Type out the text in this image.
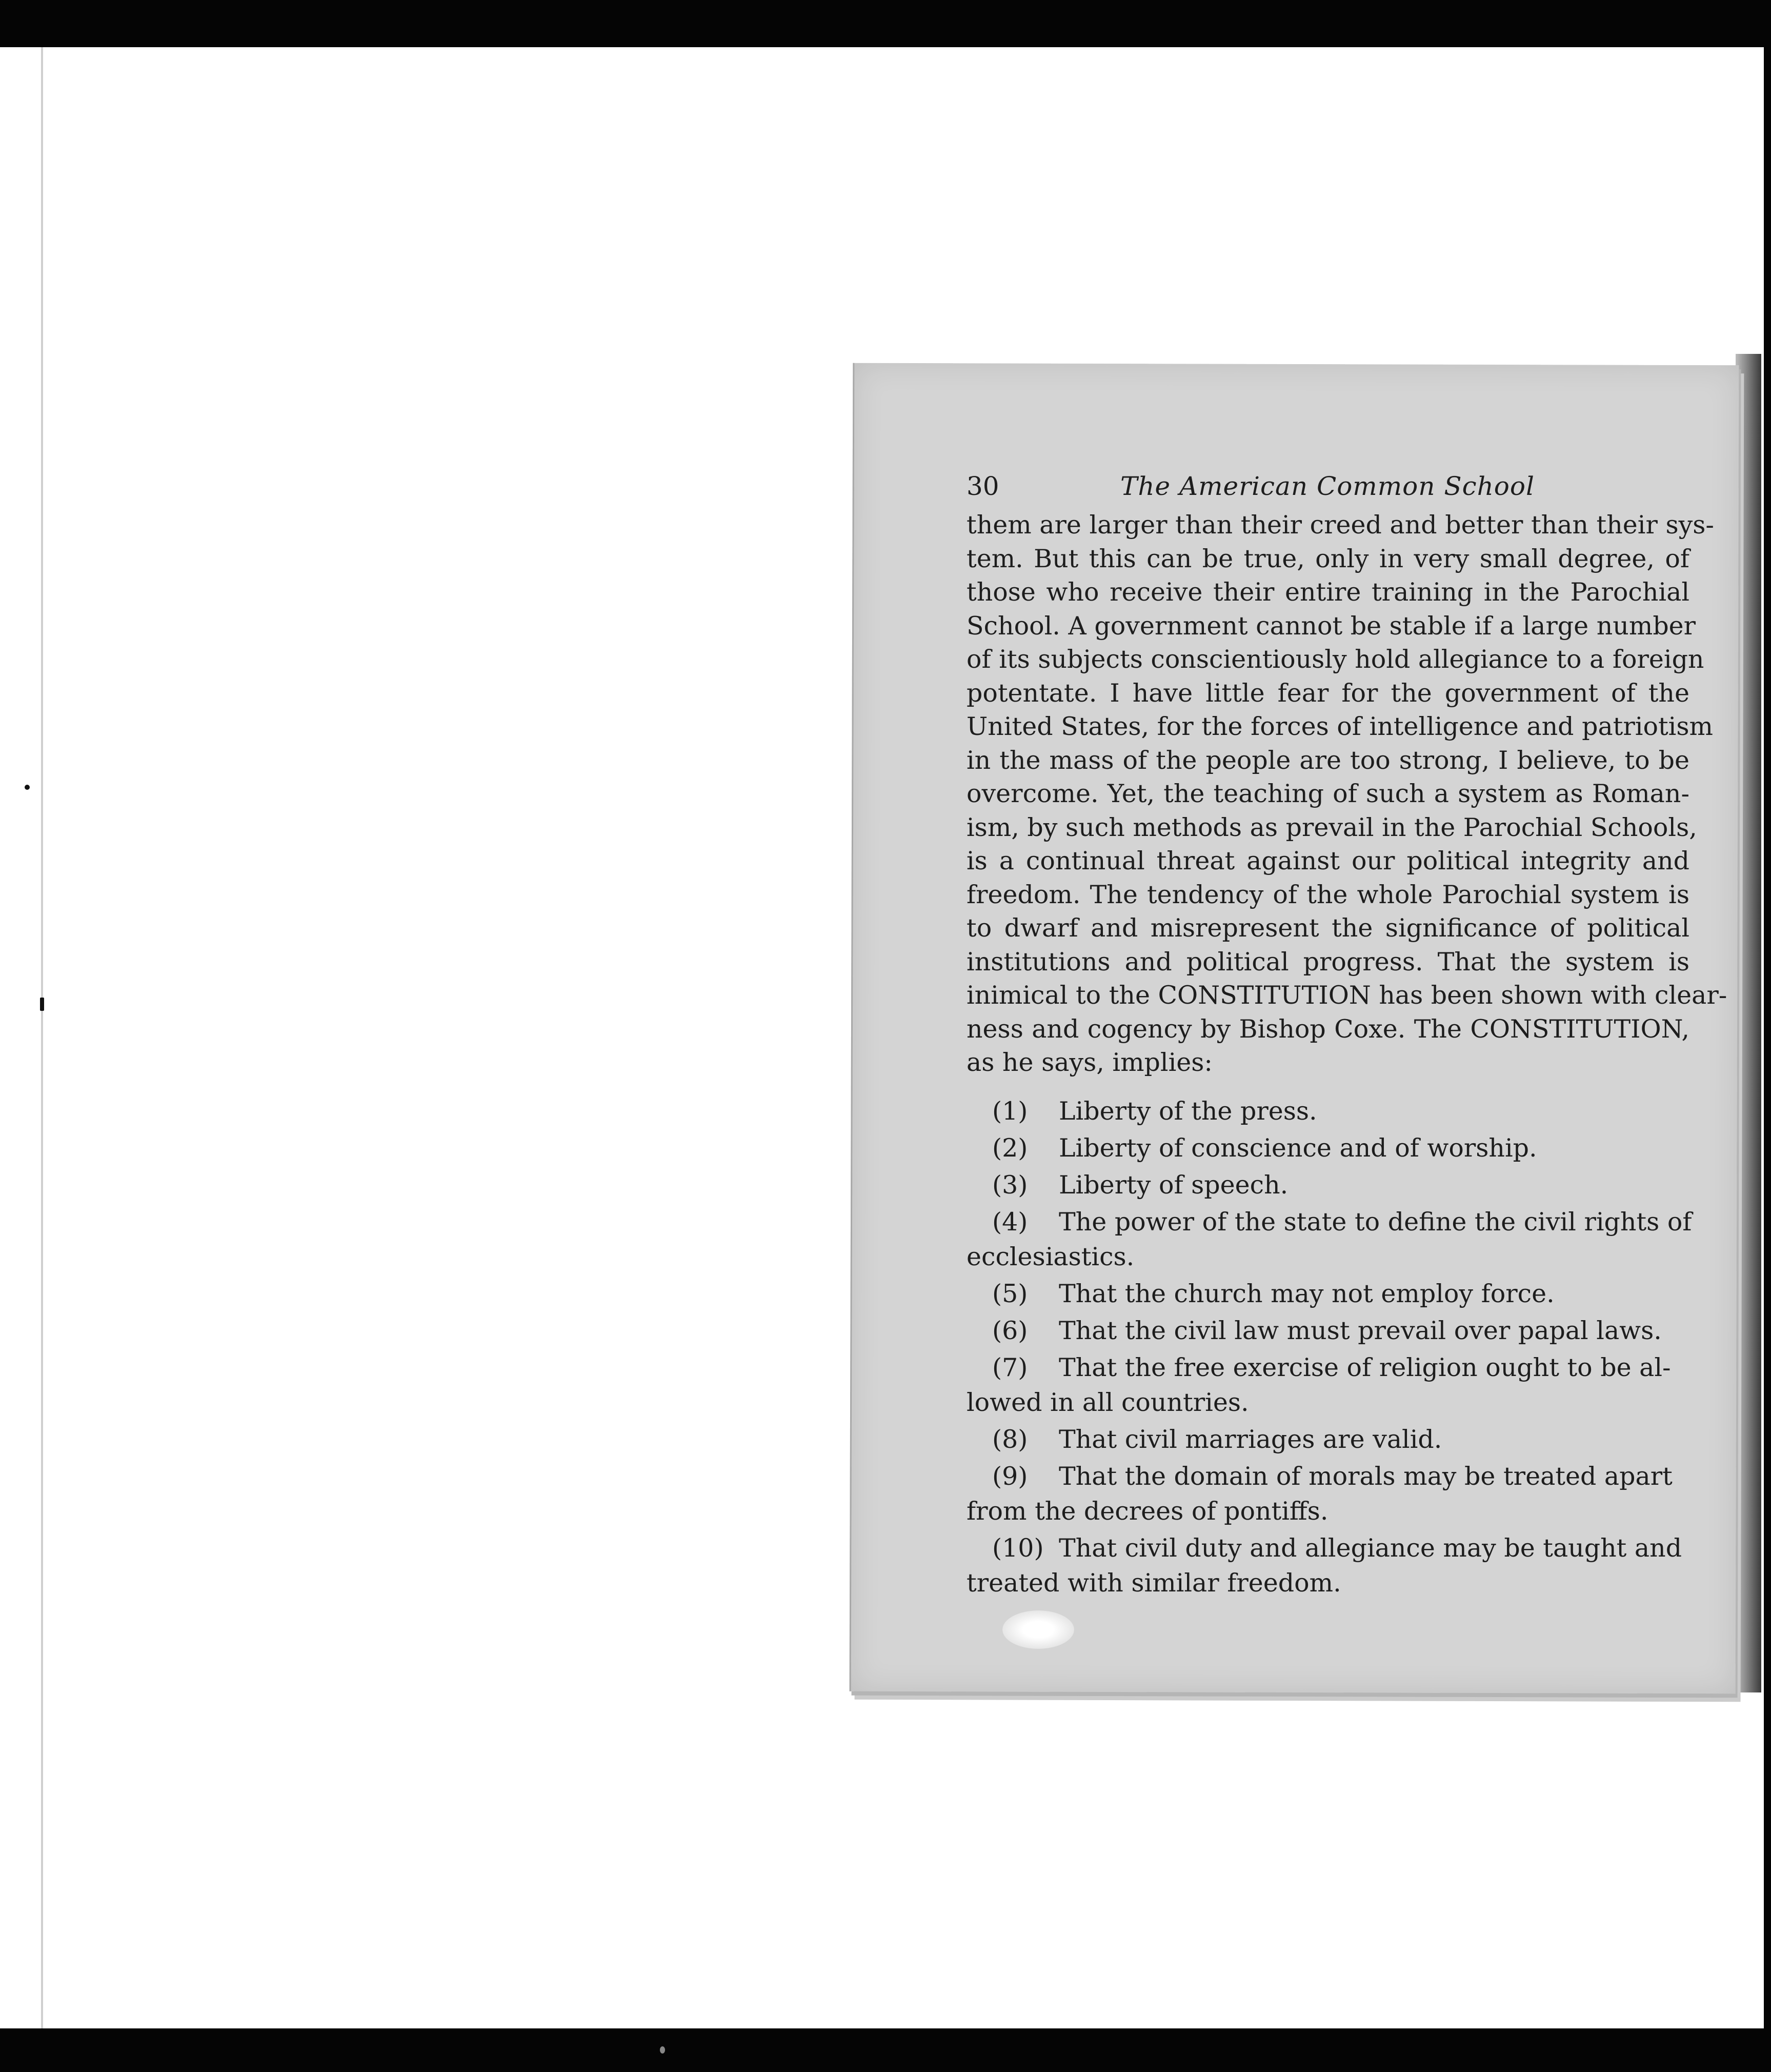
30	The American Common School
them are larger than their creed and better than their sys-
tem. But this can be true, only in very small degree, of
those who receive their entire training in the Parochial
School. A government cannot be stable if a large number
of its subjects conscientiously hold allegiance to a foreign
potentate. I have little fear for the government of the
United States, for the forces of intelligence and patriotism
in the mass of the people are too strong, I believe, to be
overcome. Yet, the teaching of such a system as Roman-
ism, by such methods as prevail in the Parochial Schools,
is a continual threat against our political integrity and
freedom. The tendency of the whole Parochial system is
to dwarf and misrepresent the significance of political
institutions and political progress. That the system is
inimical to the CONSTITUTION has been shown with clear-
ness and cogency by Bishop Coxe. The CONSTITUTION,
as he says, implies:
(1) Liberty of the press.
(2) Liberty of conscience and of worship.
(3) Liberty of speech.
(4) The power of the state to define the civil rights of
ecclesiastics.
(5) That the church may not employ force.
(6) That the civil law must prevail over papal laws.
(7) That the free exercise of religion ought to be al-
lowed in all countries.
(8) That civil marriages are valid.
(9) That the domain of morals may be treated apart
from the decrees of pontiffs.
(10) That civil duty and allegiance may be taught and
treated with similar freedom.
